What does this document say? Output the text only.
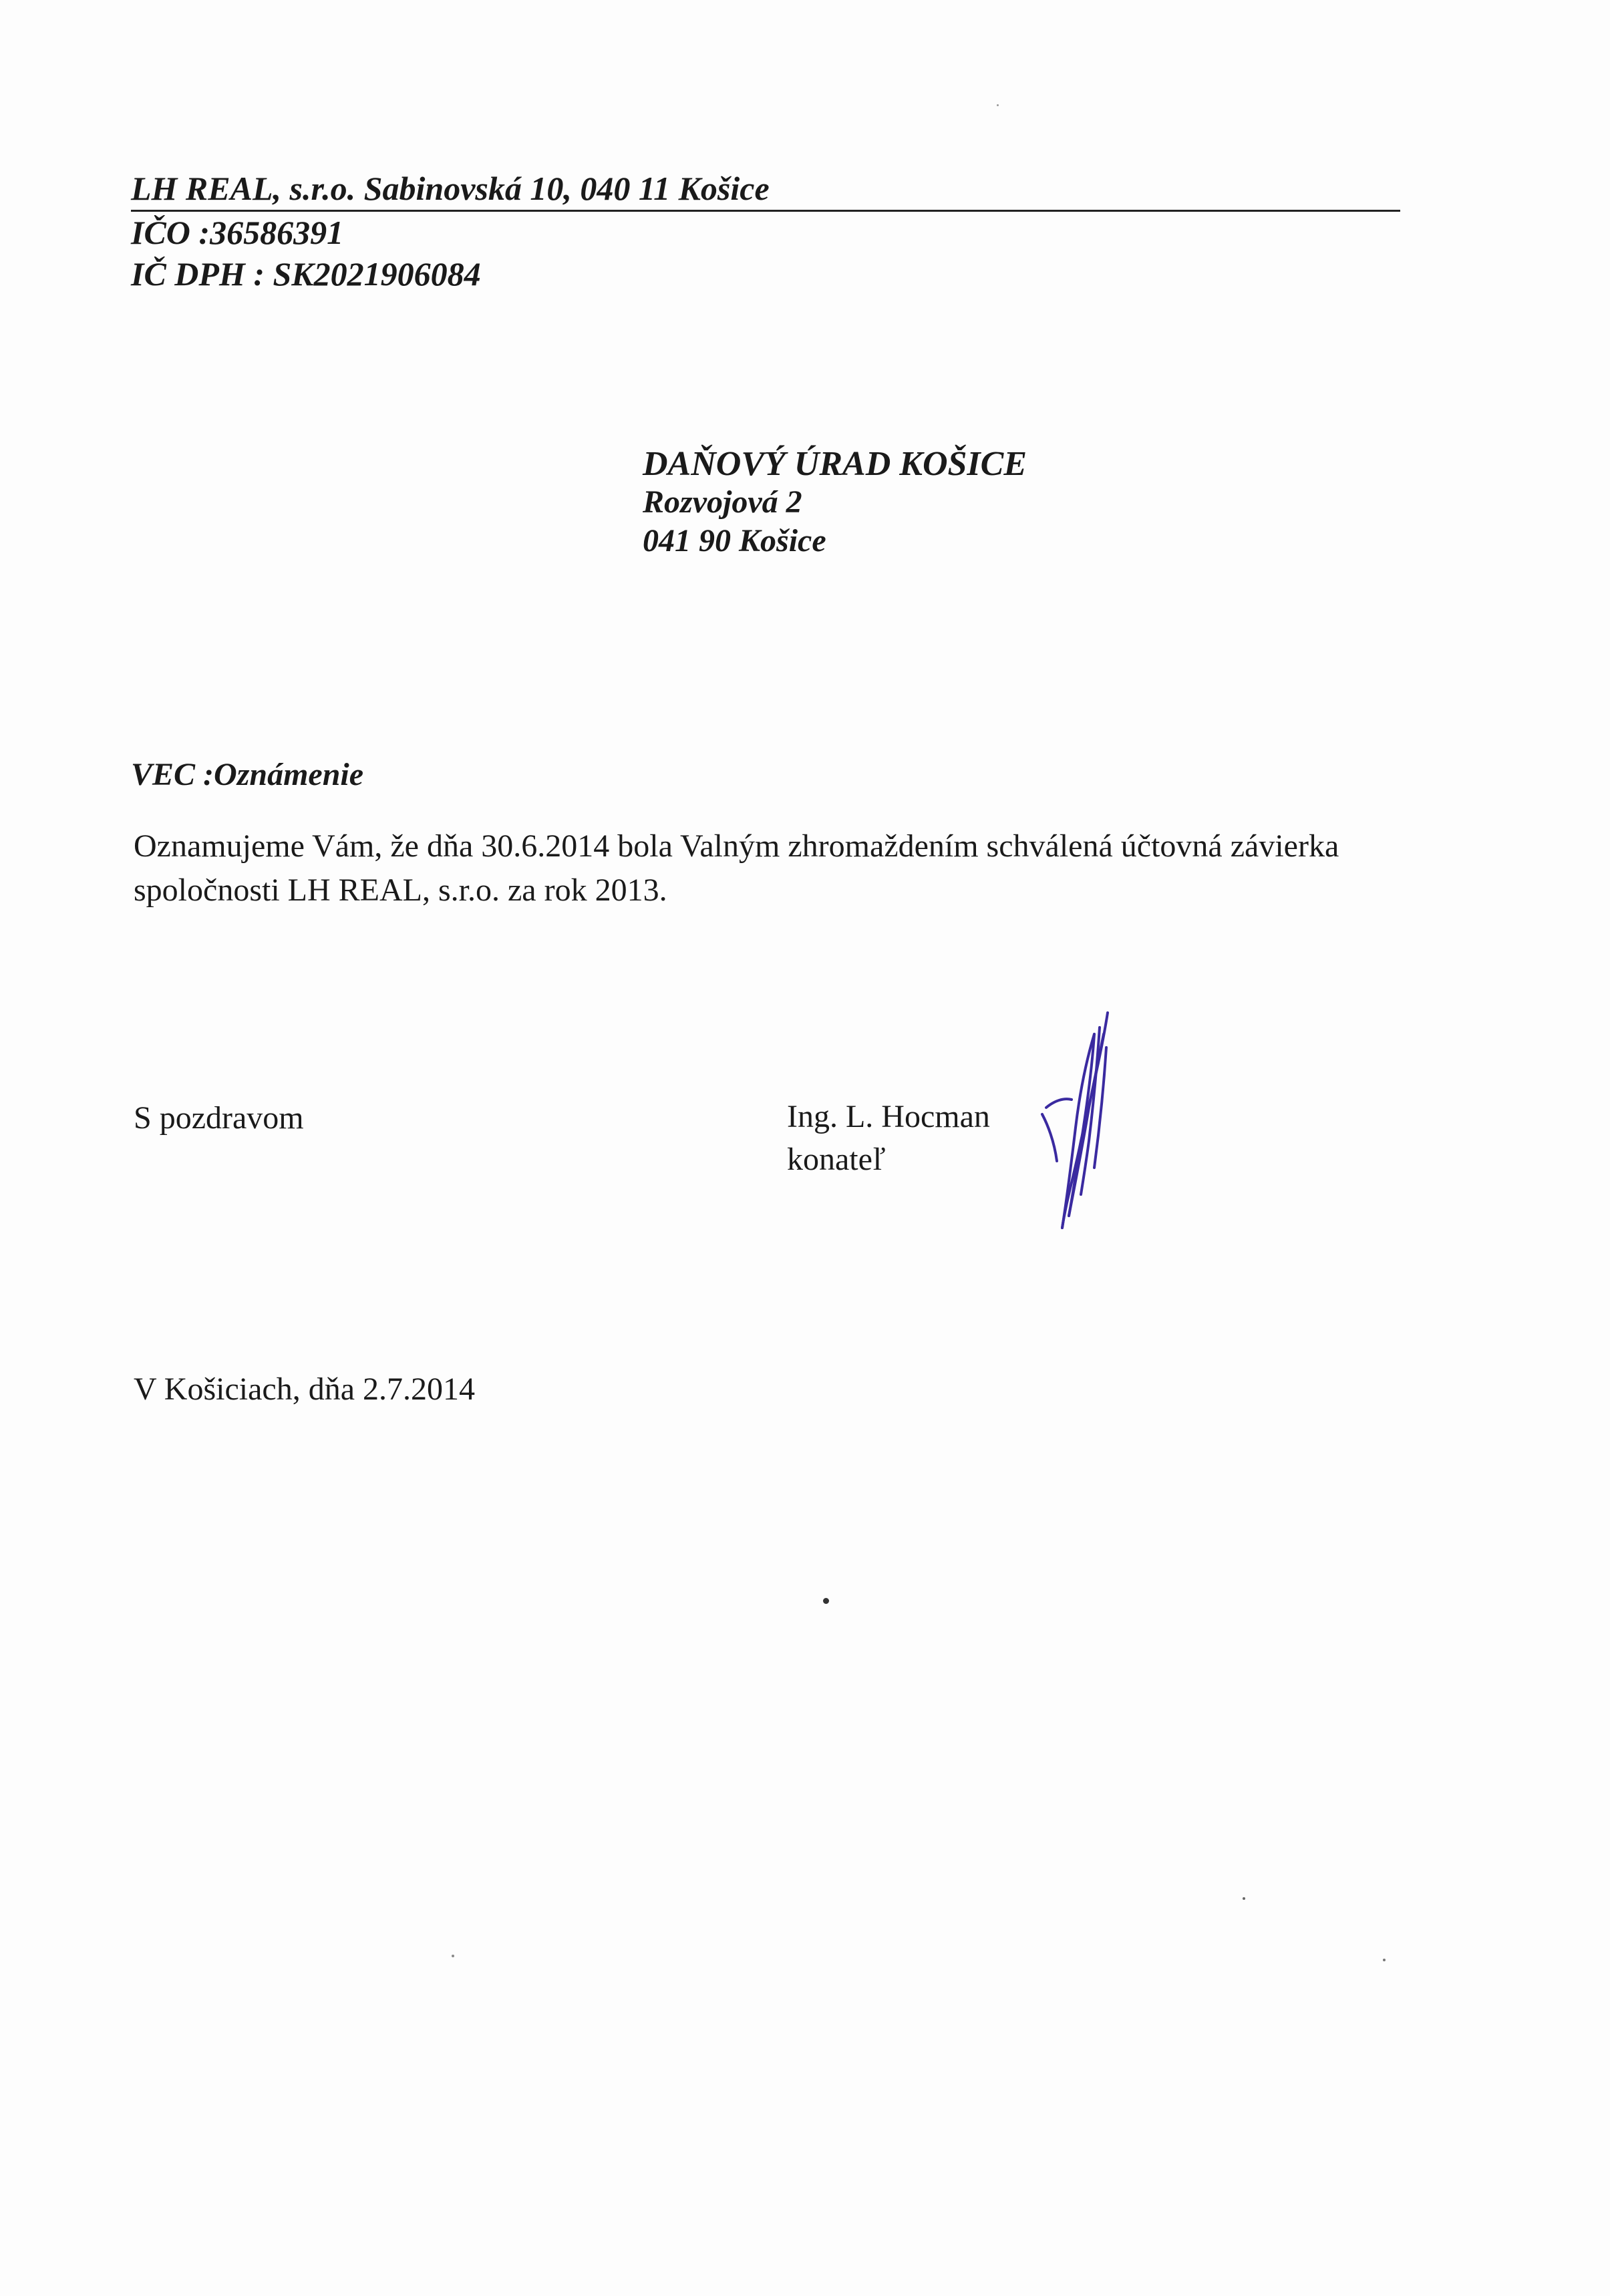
LH REAL, s.r.o. Sabinovská 10, 040 11 Košice
IČO :36586391
IČ DPH : SK2021906084
DAŇOVÝ ÚRAD KOŠICE
Rozvojová 2
041 90 Košice
VEC :Oznámenie
Oznamujeme Vám, že dňa 30.6.2014 bola Valným zhromaždením schválená účtovná závierka
spoločnosti LH REAL, s.r.o. za rok 2013.
S pozdravom	Ing. L. Hocman
konateľ
V Košiciach, dňa 2.7.2014
